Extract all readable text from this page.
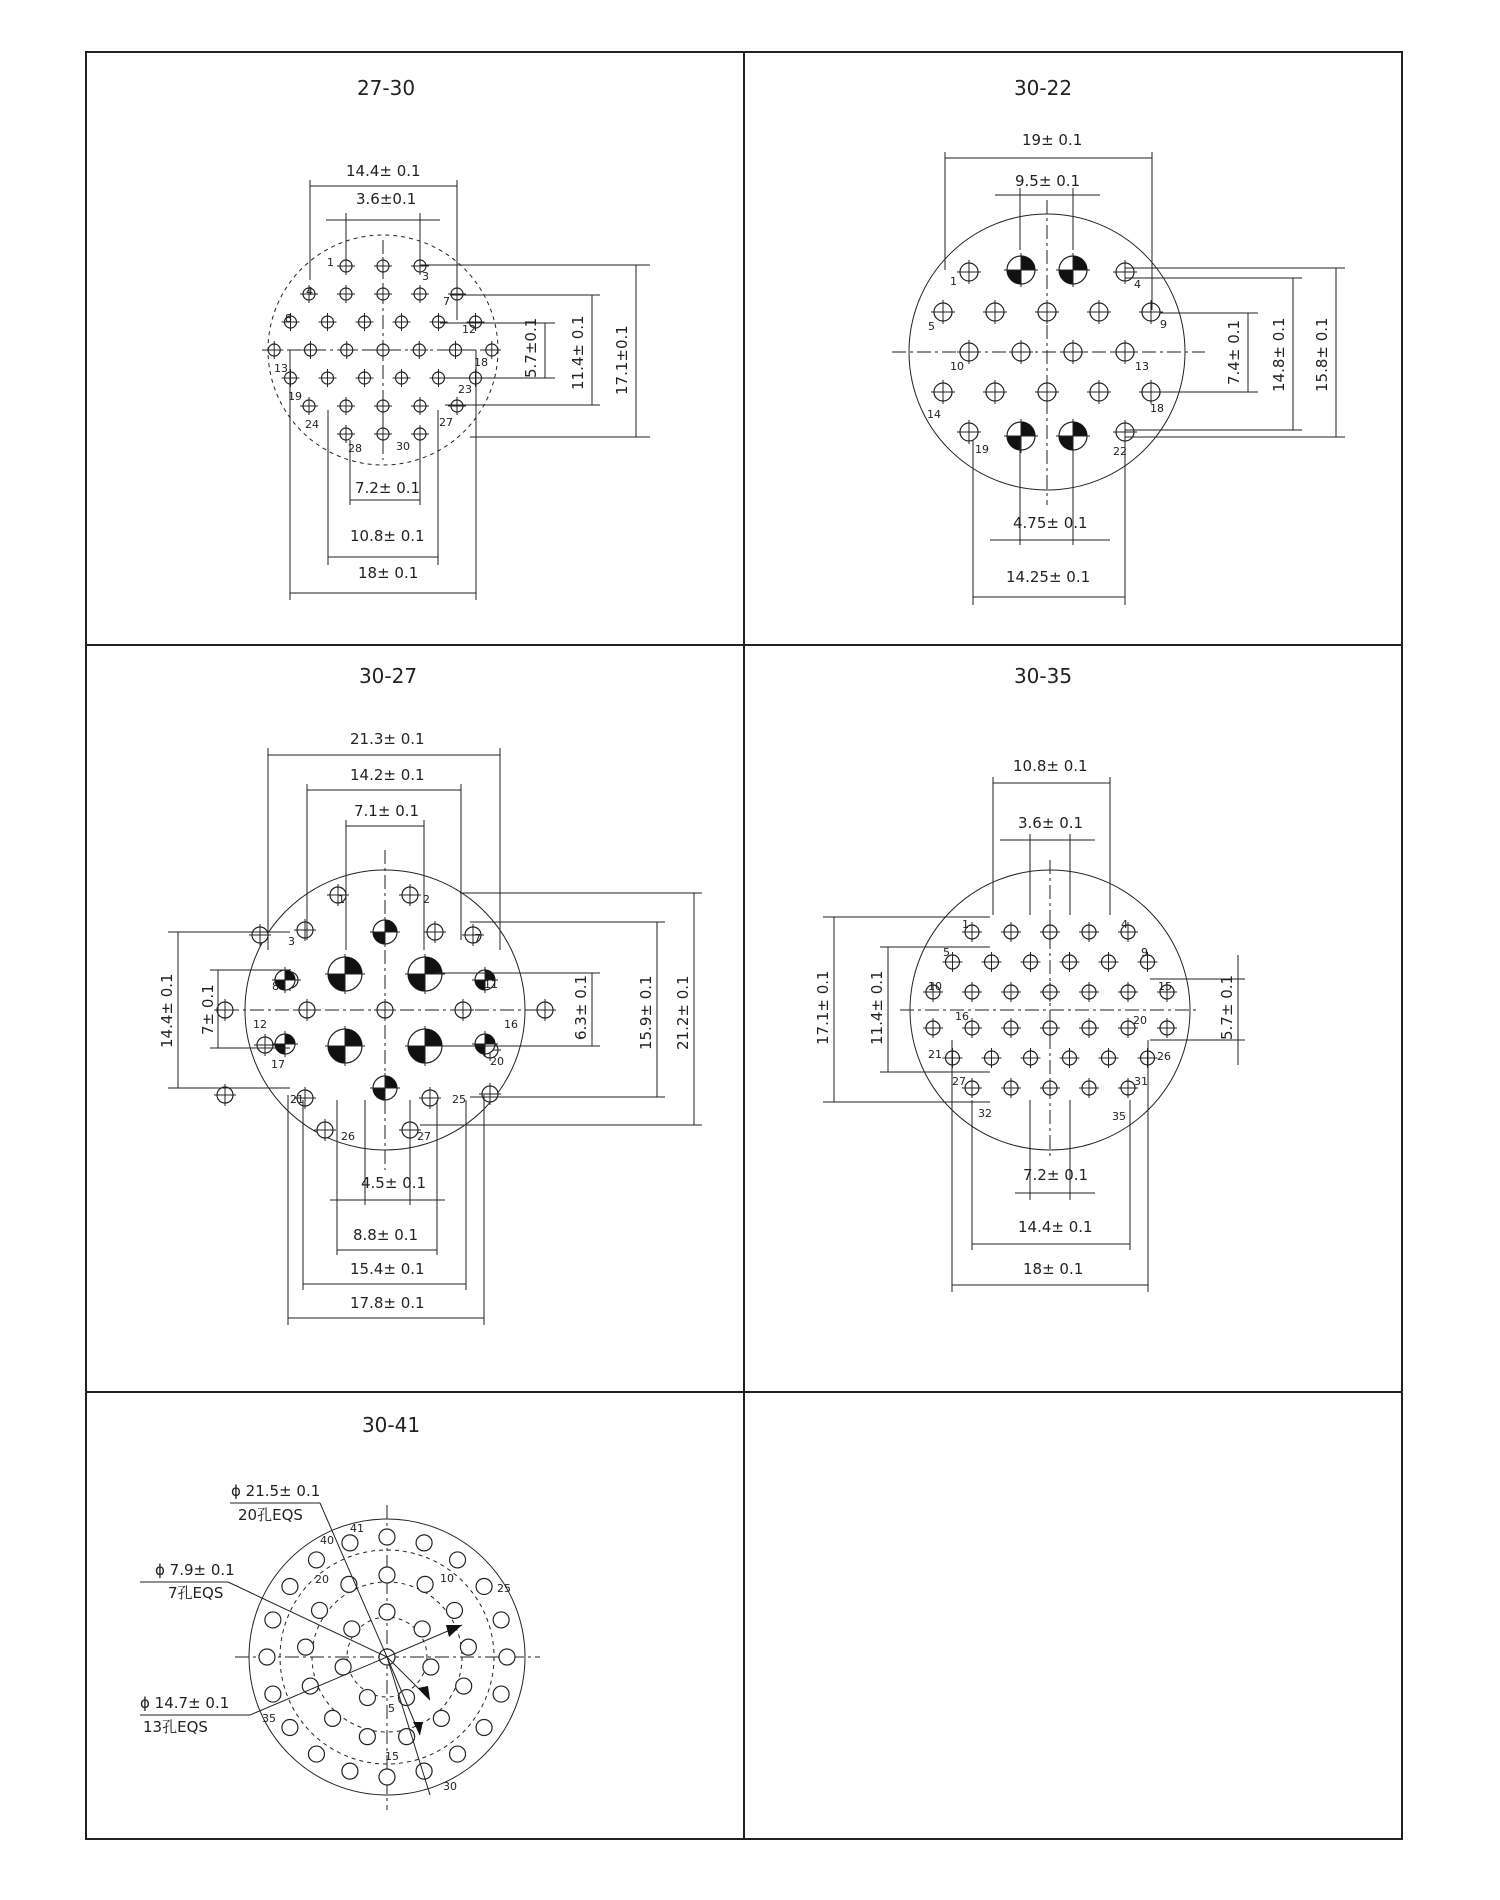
27-30
14.4± 0.1
3.6±0.1
5.7±0.1 11.4± 0.1 17.1±0.1
7.2± 0.1
10.8± 0.1
18± 0.1
1
3
4
7
8
12
13	18
19
23
24	27
28	30
30-22
19± 0.1
9.5± 0.1
7.4± 0.1 14.8± 0.1 15.8± 0.1
4.75± 0.1
14.25± 0.1
1	4
5	9
10	13
14	18
19	22
30-27
21.3± 0.1
14.2± 0.1
7.1± 0.1
14.4± 0.1 7± 0.1	6.3± 0.1	15.9± 0.1 21.2± 0.1
4.5± 0.1
8.8± 0.1
15.4± 0.1
17.8± 0.1
1	2
3	7
8	11
12	16
17	20
21	25
26	27
30-35
10.8± 0.1
3.6± 0.1
17.1± 0.1 11.4± 0.1	5.7± 0.1
7.2± 0.1
14.4± 0.1
18± 0.1
1	4
5	9
10	15
16	20
21	26
27	31
32	35
30-41
ϕ 21.5± 0.1
20孔EQS
ϕ 7.9± 0.1
7孔EQS
ϕ 14.7± 0.1
13孔EQS
41
40
20	10
25
35
5
15
30
